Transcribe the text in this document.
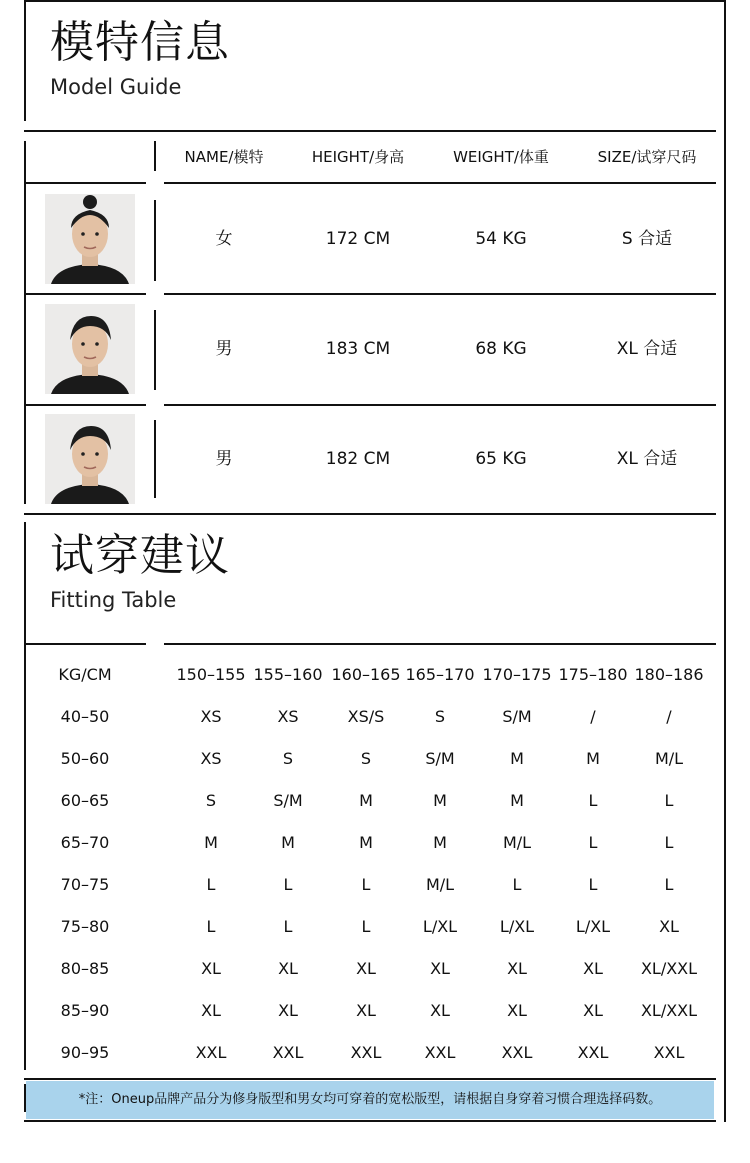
模特信息
Model Guide
NAME/模特	HEIGHT/身高	WEIGHT/体重	SIZE/试穿尺码
女	172 CM	54 KG	S 合适
男	183 CM	68 KG	XL 合适
男	182 CM	65 KG	XL 合适
试穿建议
Fitting Table
KG/CM	150–155 155–160 160–165 165–170 170–175 175–180 180–186
40–50	XS	XS	XS/S	S	S/M	/	/
50–60	XS	S	S	S/M	M	M	M/L
60–65	S	S/M	M	M	M	L	L
65–70	M	M	M	M	M/L	L	L
70–75	L	L	L	M/L	L	L	L
75–80	L	L	L	L/XL	L/XL	L/XL	XL
80–85	XL	XL	XL	XL	XL	XL XL/XXL
85–90	XL	XL	XL	XL	XL	XL XL/XXL
90–95	XXL	XXL	XXL	XXL	XXL	XXL	XXL
*注：Oneup品牌产品分为修身版型和男女均可穿着的宽松版型，请根据自身穿着习惯合理选择码数。
